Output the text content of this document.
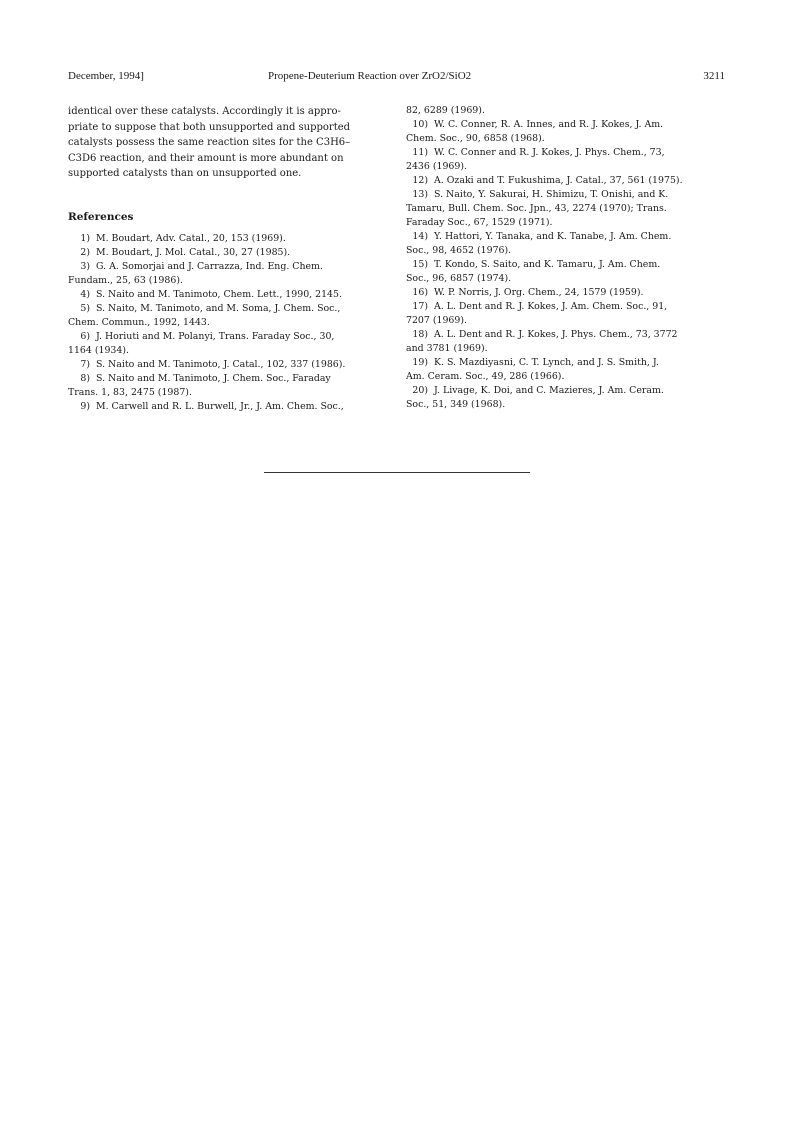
December, 1994]	Propene-Deuterium Reaction over ZrO2/SiO2	3211

identical over these catalysts. Accordingly it is appro-
priate to suppose that both unsupported and supported
catalysts possess the same reaction sites for the C3H6–
C3D6 reaction, and their amount is more abundant on
supported catalysts than on unsupported one.

References
1) M. Boudart, Adv. Catal., 20, 153 (1969).
2) M. Boudart, J. Mol. Catal., 30, 27 (1985).
3) G. A. Somorjai and J. Carrazza, Ind. Eng. Chem.
Fundam., 25, 63 (1986).
4) S. Naito and M. Tanimoto, Chem. Lett., 1990, 2145.
5) S. Naito, M. Tanimoto, and M. Soma, J. Chem. Soc.,
Chem. Commun., 1992, 1443.
6) J. Horiuti and M. Polanyi, Trans. Faraday Soc., 30,
1164 (1934).
7) S. Naito and M. Tanimoto, J. Catal., 102, 337 (1986).
8) S. Naito and M. Tanimoto, J. Chem. Soc., Faraday
Trans. 1, 83, 2475 (1987).
9) M. Carwell and R. L. Burwell, Jr., J. Am. Chem. Soc.,
82, 6289 (1969).
10) W. C. Conner, R. A. Innes, and R. J. Kokes, J. Am.
Chem. Soc., 90, 6858 (1968).
11) W. C. Conner and R. J. Kokes, J. Phys. Chem., 73,
2436 (1969).
12) A. Ozaki and T. Fukushima, J. Catal., 37, 561 (1975).
13) S. Naito, Y. Sakurai, H. Shimizu, T. Onishi, and K.
Tamaru, Bull. Chem. Soc. Jpn., 43, 2274 (1970); Trans.
Faraday Soc., 67, 1529 (1971).
14) Y. Hattori, Y. Tanaka, and K. Tanabe, J. Am. Chem.
Soc., 98, 4652 (1976).
15) T. Kondo, S. Saito, and K. Tamaru, J. Am. Chem.
Soc., 96, 6857 (1974).
16) W. P. Norris, J. Org. Chem., 24, 1579 (1959).
17) A. L. Dent and R. J. Kokes, J. Am. Chem. Soc., 91,
7207 (1969).
18) A. L. Dent and R. J. Kokes, J. Phys. Chem., 73, 3772
and 3781 (1969).
19) K. S. Mazdiyasni, C. T. Lynch, and J. S. Smith, J.
Am. Ceram. Soc., 49, 286 (1966).
20) J. Livage, K. Doi, and C. Mazieres, J. Am. Ceram.
Soc., 51, 349 (1968).
